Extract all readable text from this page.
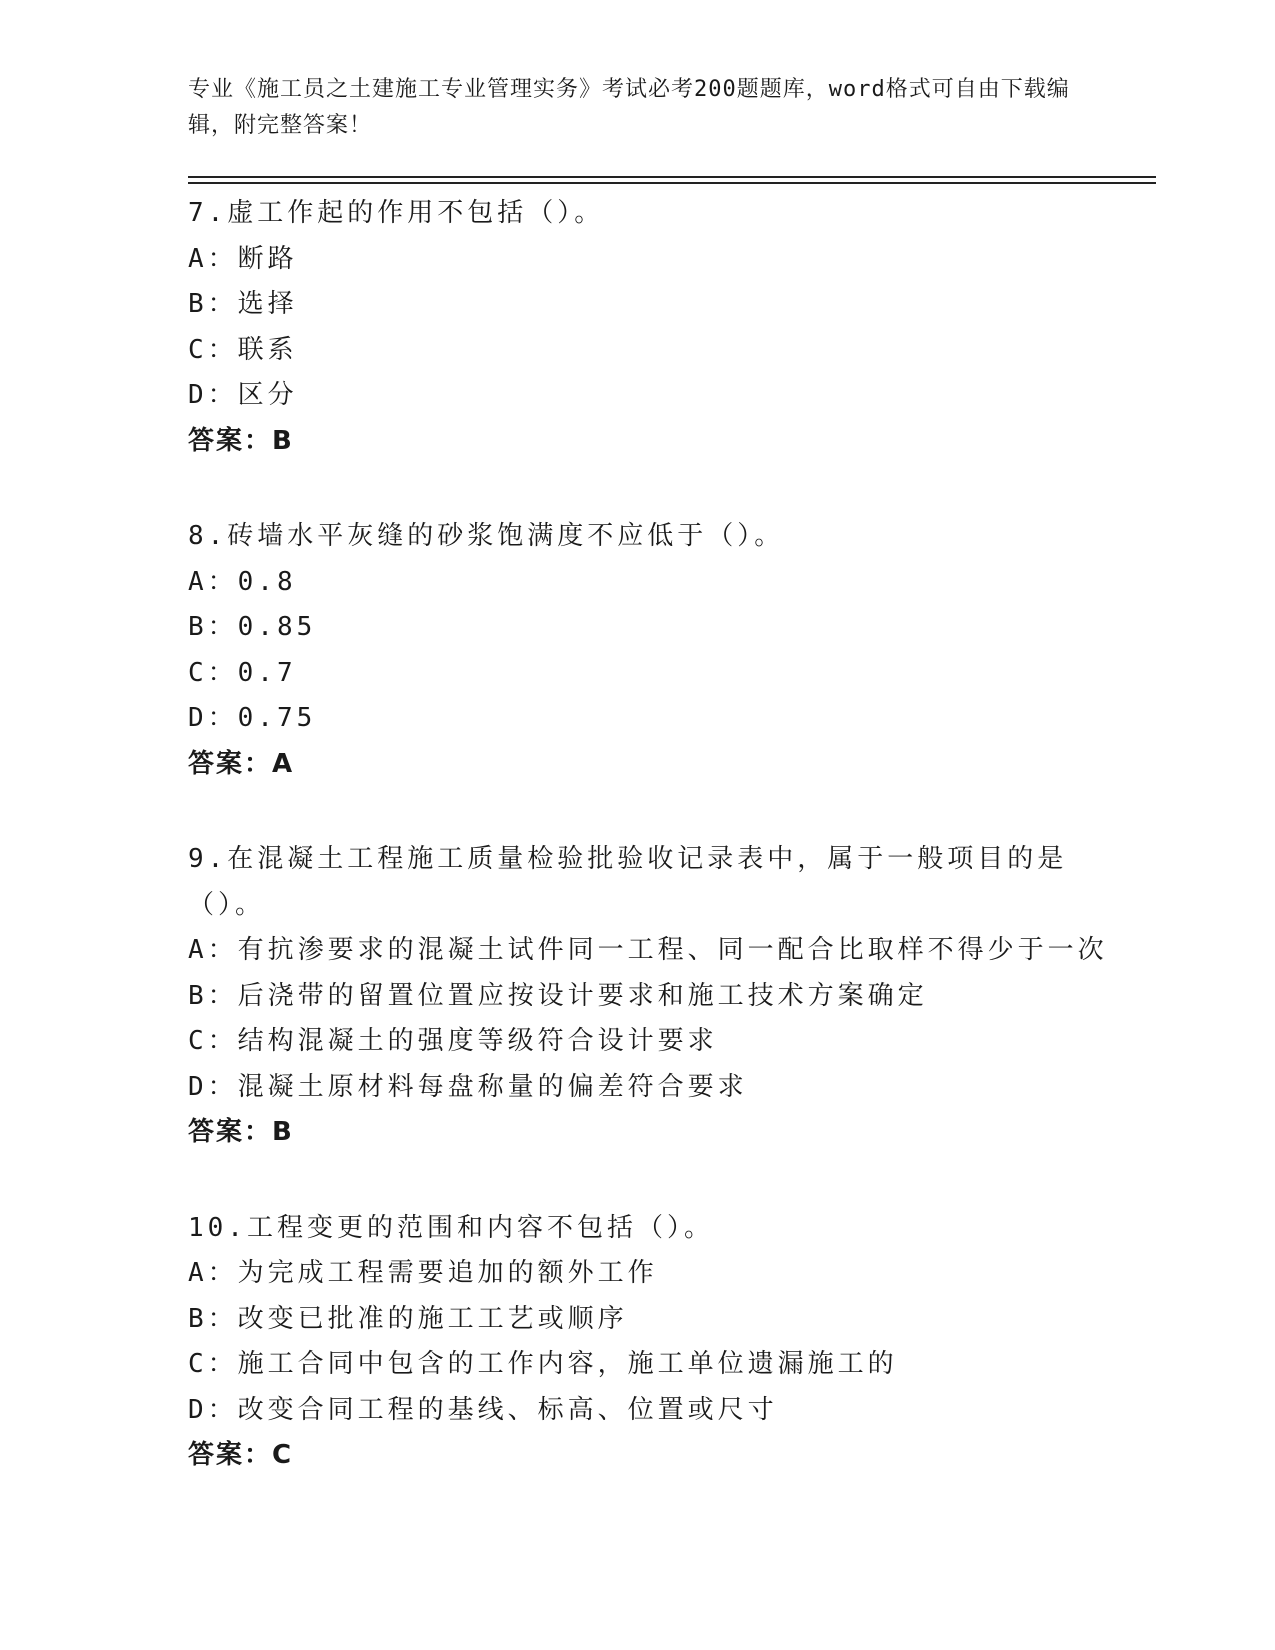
专业《施工员之土建施工专业管理实务》考试必考200题题库，word格式可自由下载编辑，附完整答案！
7.虚工作起的作用不包括（）。
A：断路
B：选择
C：联系
D：区分
答案：B
8.砖墙水平灰缝的砂浆饱满度不应低于（）。
A：0.8
B：0.85
C：0.7
D：0.75
答案：A
9.在混凝土工程施工质量检验批验收记录表中，属于一般项目的是（）。
A：有抗渗要求的混凝土试件同一工程、同一配合比取样不得少于一次
B：后浇带的留置位置应按设计要求和施工技术方案确定
C：结构混凝土的强度等级符合设计要求
D：混凝土原材料每盘称量的偏差符合要求
答案：B
10.工程变更的范围和内容不包括（）。
A：为完成工程需要追加的额外工作
B：改变已批准的施工工艺或顺序
C：施工合同中包含的工作内容，施工单位遗漏施工的
D：改变合同工程的基线、标高、位置或尺寸
答案：C
